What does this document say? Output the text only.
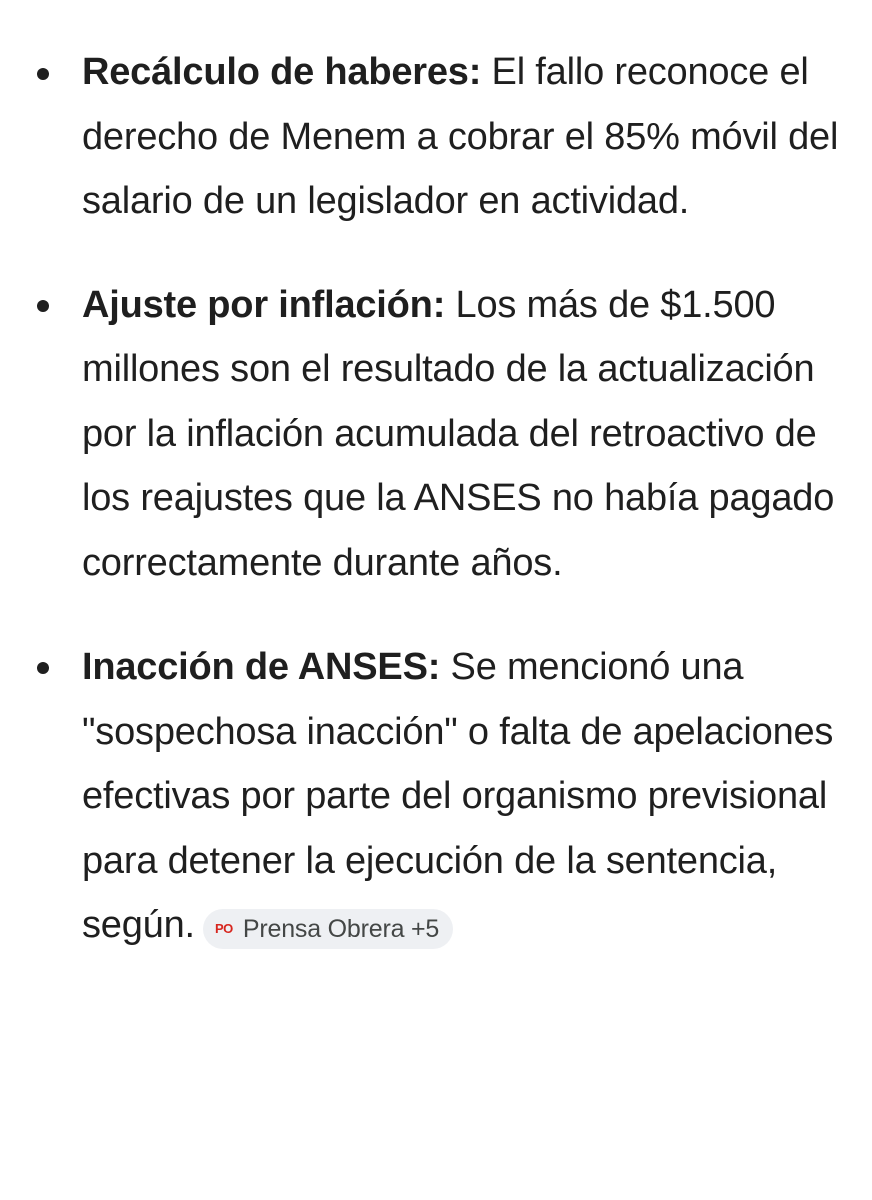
Recálculo de haberes: El fallo reconoce el derecho de Menem a cobrar el 85% móvil del salario de un legislador en actividad.
Ajuste por inflación: Los más de $1.500 millones son el resultado de la actualización por la inflación acumulada del retroactivo de los reajustes que la ANSES no había pagado correctamente durante años.
Inacción de ANSES: Se mencionó una "sospechosa inacción" o falta de apelaciones efectivas por parte del organismo previsional para detener la ejecución de la sentencia, según. PO Prensa Obrera +5
